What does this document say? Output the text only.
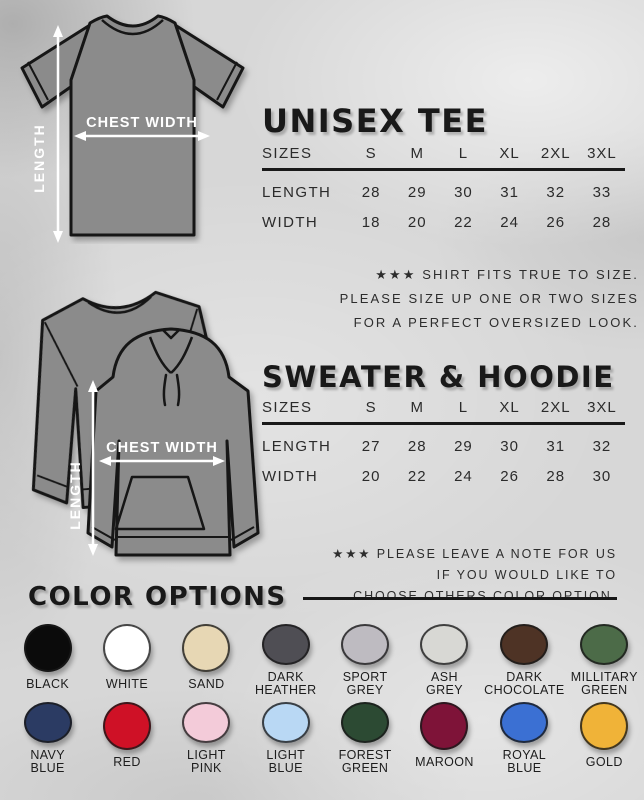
LENGTH
CHEST WIDTH
LENGTH
CHEST WIDTH
UNISEX TEE
SIZES	S	M	L	XL	2XL	3XL
LENGTH	28	29	30	31	32	33
WIDTH	18	20	22	24	26	28
★★★ SHIRT FITS TRUE TO SIZE.
PLEASE SIZE UP ONE OR TWO SIZES
FOR A PERFECT OVERSIZED LOOK.
SWEATER & HOODIE
SIZES	S	M	L	XL	2XL	3XL
LENGTH	27	28	29	30	31	32
WIDTH	20	22	24	26	28	30
★★★ PLEASE LEAVE A NOTE FOR US
IF YOU WOULD LIKE TO
COLOR OPTIONS
BLACK	WHITE	SAND	DARK
HEATHER
SPORT
GREY
ASH
GREY
DARK
CHOCOLATE
MILLITARY
GREEN
NAVY
BLUE	RED	LIGHT
PINK
LIGHT
BLUE
FOREST
GREEN MAROON ROYAL
BLUE	GOLD
